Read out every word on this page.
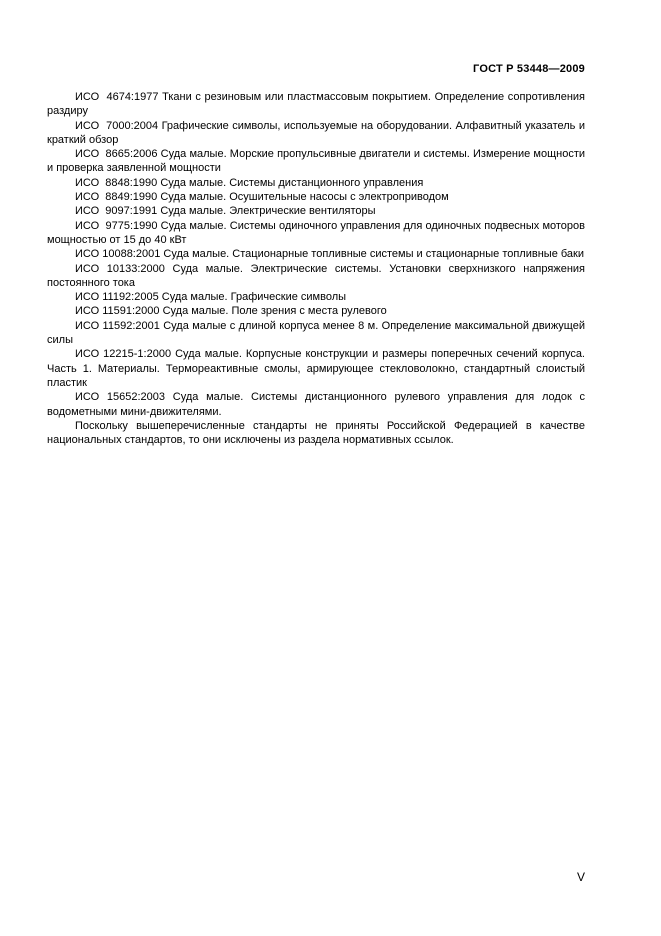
ГОСТ Р 53448—2009

ИСО  4674:1977 Ткани с резиновым или пластмассовым покрытием. Определение сопротивления раздиру

ИСО  7000:2004 Графические символы, используемые на оборудовании. Алфавитный указатель и краткий обзор

ИСО  8665:2006 Суда малые. Морские пропульсивные двигатели и системы. Измерение мощности и проверка заявленной мощности

ИСО  8848:1990 Суда малые. Системы дистанционного управления

ИСО  8849:1990 Суда малые. Осушительные насосы с электроприводом

ИСО  9097:1991 Суда малые. Электрические вентиляторы

ИСО  9775:1990 Суда малые. Системы одиночного управления для одиночных подвесных моторов мощностью от 15 до 40 кВт

ИСО 10088:2001 Суда малые. Стационарные топливные системы и стационарные топливные баки

ИСО 10133:2000 Суда малые. Электрические системы. Установки сверхнизкого напряжения постоянного тока

ИСО 11192:2005 Суда малые. Графические символы

ИСО 11591:2000 Суда малые. Поле зрения с места рулевого

ИСО 11592:2001 Суда малые с длиной корпуса менее 8 м. Определение максимальной движущей силы

ИСО 12215-1:2000 Суда малые. Корпусные конструкции и размеры поперечных сечений корпуса. Часть 1. Материалы. Термореактивные смолы, армирующее стекловолокно, стандартный слоистый пластик

ИСО 15652:2003 Суда малые. Системы дистанционного рулевого управления для лодок с водометными мини-движителями.

Поскольку вышеперечисленные стандарты не приняты Российской Федерацией в качестве национальных стандартов, то они исключены из раздела нормативных ссылок.

V
